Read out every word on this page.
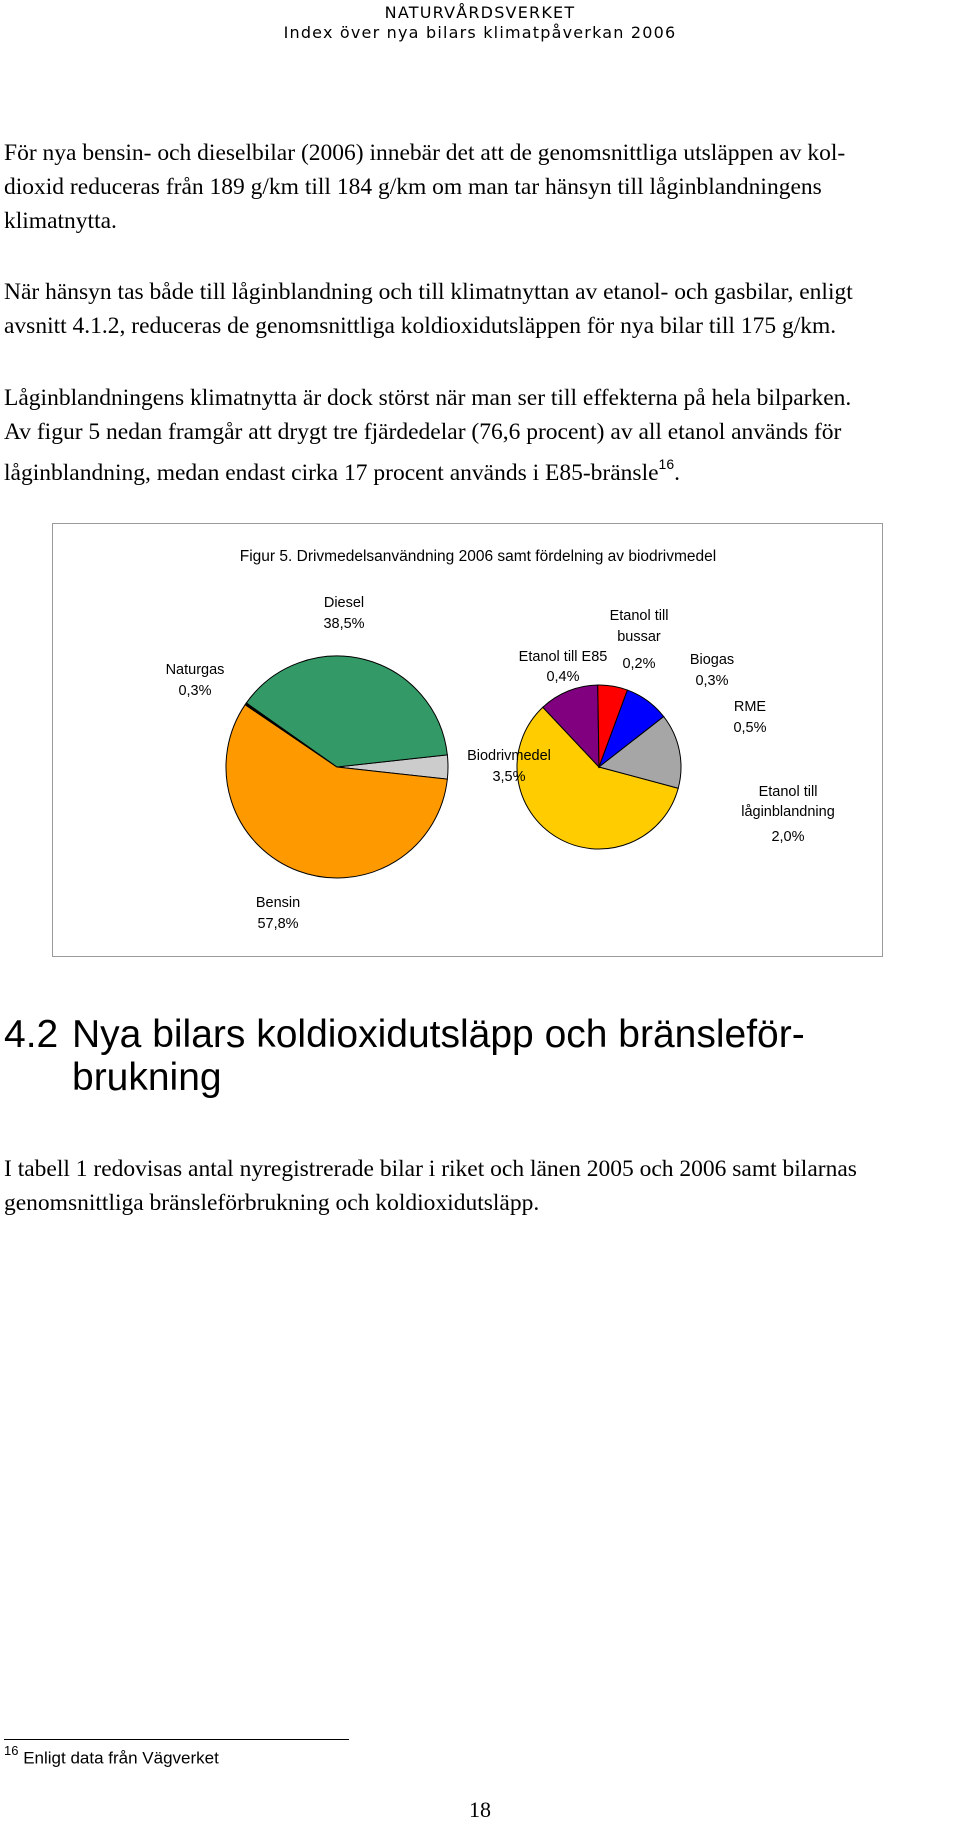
NATURVÅRDSVERKET
Index över nya bilars klimatpåverkan 2006
För nya bensin- och dieselbilar (2006) innebär det att de genomsnittliga utsläppen av kol-
dioxid reduceras från 189 g/km till 184 g/km om man tar hänsyn till låginblandningens
klimatnytta.
När hänsyn tas både till låginblandning och till klimatnyttan av etanol- och gasbilar, enligt
avsnitt 4.1.2, reduceras de genomsnittliga koldioxidutsläppen för nya bilar till 175 g/km.
Låginblandningens klimatnytta är dock störst när man ser till effekterna på hela bilparken.
Av figur 5 nedan framgår att drygt tre fjärdedelar (76,6 procent) av all etanol används för
låginblandning, medan endast cirka 17 procent används i E85-bränsle$^{16}$.
Figur 5. Drivmedelsanvändning 2006 samt fördelning av biodrivmedel
Diesel
38,5%
Naturgas
0,3%
Bensin
57,8%
Biodrivmedel
3,5%
Etanol till E85
0,4%
Etanol till
bussar
0,2% Biogas
0,3%
RME
0,5%
Etanol till
låginblandning
2,0%
4.2 Nya bilars koldioxidutsläpp och bränsleför-
brukning
I tabell 1 redovisas antal nyregistrerade bilar i riket och länen 2005 och 2006 samt bilarnas
genomsnittliga bränsleförbrukning och koldioxidutsläpp.
$^{16}$ Enligt data från Vägverket
18
